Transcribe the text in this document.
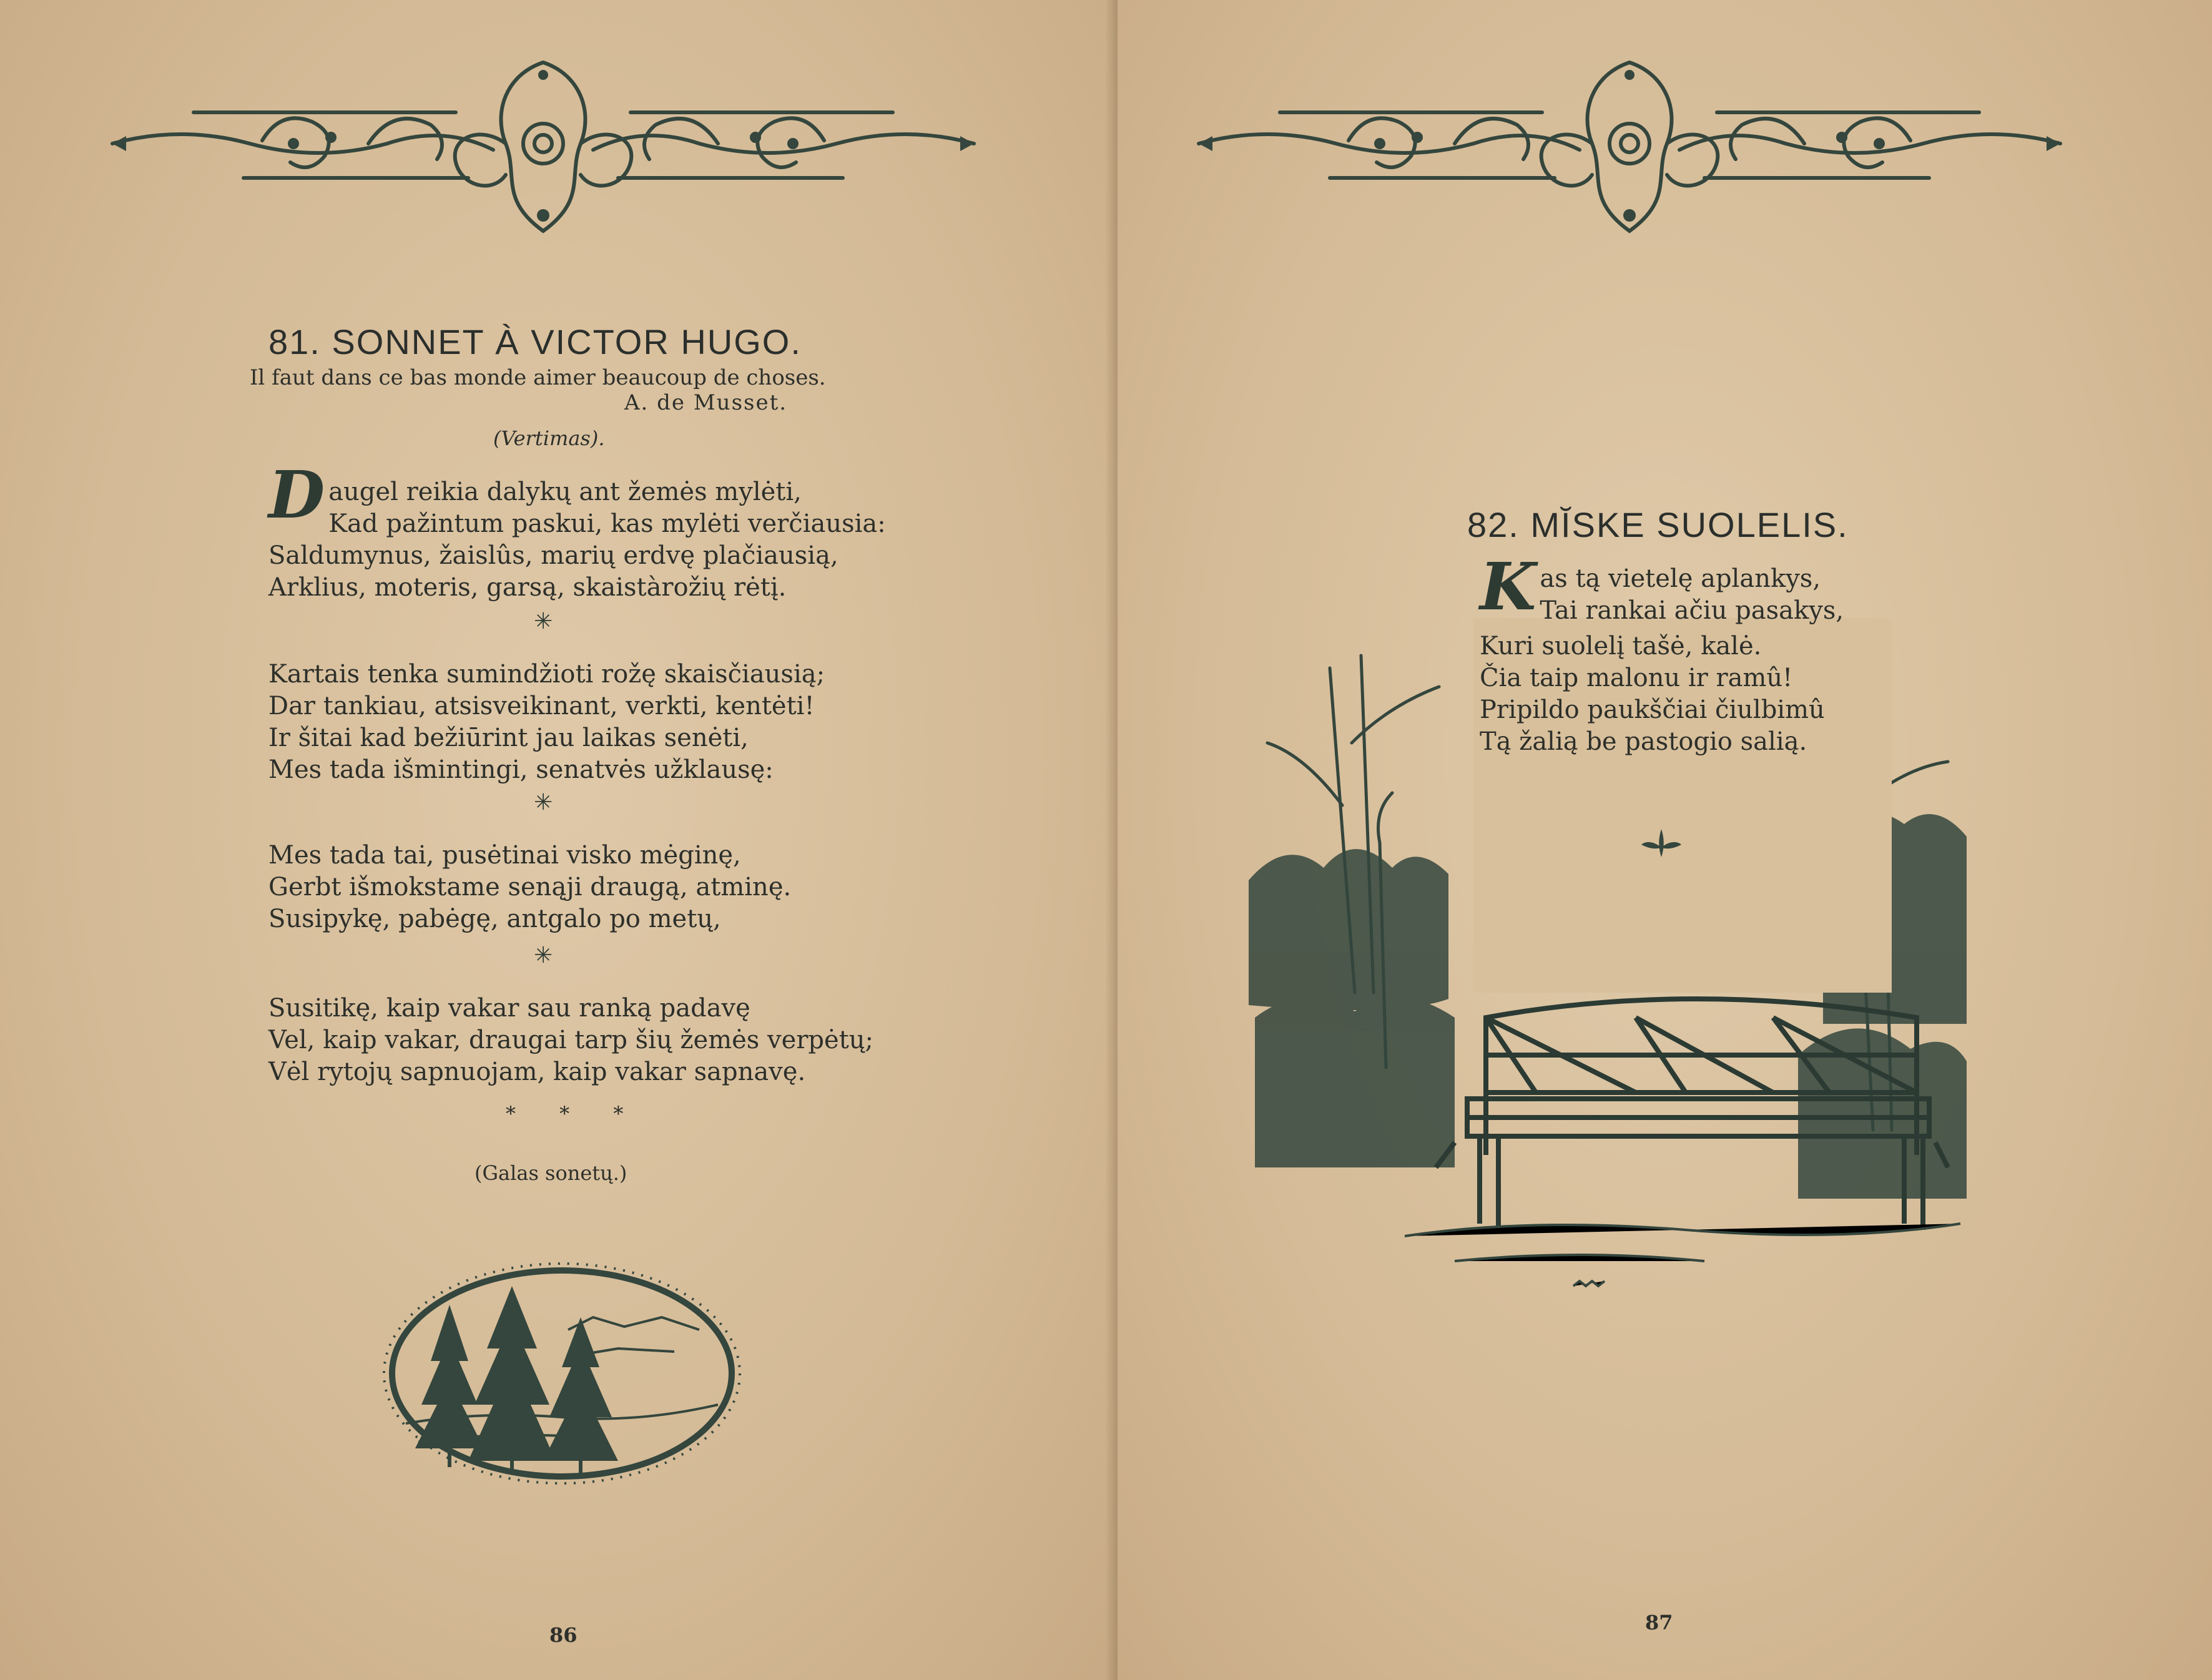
81. SONNET À VICTOR HUGO.
Il faut dans ce bas monde aimer beaucoup de choses.
A. de Musset.
(Vertimas).
D augel reikia dalykų ant žemės mylėti,
Kad pažintum paskui, kas mylėti verčiausia:
Saldumynus, žaislûs, marių erdvę plačiausią,
Arklius, moteris, garsą, skaistàrožių rėtį.
✳
Kartais tenka sumindžioti rožę skaisčiausią;
Dar tankiau, atsisveikinant, verkti, kentėti!
Ir šitai kad bežiūrint jau laikas senėti,
Mes tada išmintingi, senatvės užklausę:
✳
Mes tada tai, pusėtinai visko mėginę,
Gerbt išmokstame senąji draugą, atminę.
Susipykę, pabėgę, antgalo po metų,
✳
Susitikę, kaip vakar sau ranką padavę
Vel, kaip vakar, draugai tarp šių žemės verpėtų;
Vėl rytojų sapnuojam, kaip vakar sapnavę.
* * *
(Galas sonetų.)
86
82. MĬSKE SUOLELIS.
K as tą vietelę aplankys,
Tai rankai ačiu pasakys,
Kuri suolelį tašė, kalė.
Čia taip malonu ir ramû!
Pripildo paukščiai čiulbimû
Tą žalią be pastogio salią.
87
